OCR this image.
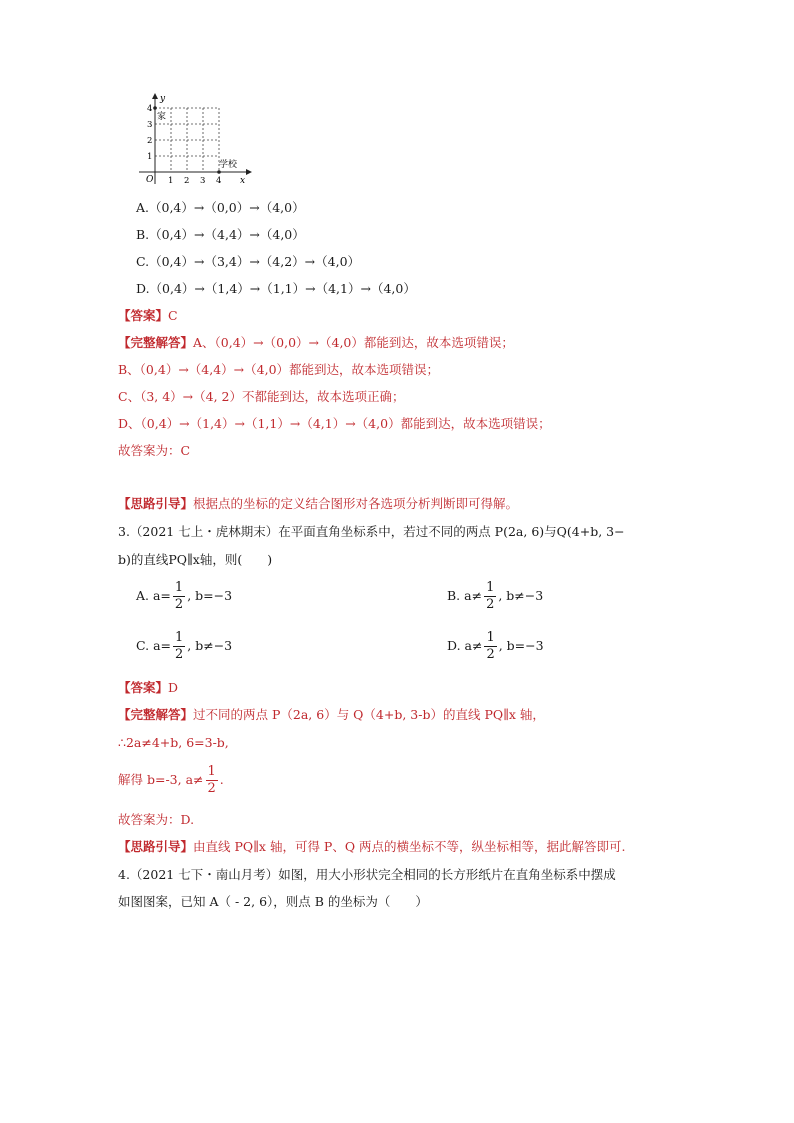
y
x
O 1 2 3 4
1
2
3
4
家
学校
A.（0,4）→（0,0）→（4,0）
B.（0,4）→（4,4）→（4,0）
C.（0,4）→（3,4）→（4,2）→（4,0）
D.（0,4）→（1,4）→（1,1）→（4,1）→（4,0）
【答案】C
【完整解答】A、（0,4）→（0,0）→（4,0）都能到达，故本选项错误；
B、（0,4）→（4,4）→（4,0）都能到达，故本选项错误；
C、（3, 4）→（4, 2）不都能到达，故本选项正确；
D、（0,4）→（1,4）→（1,1）→（4,1）→（4,0）都能到达，故本选项错误；
故答案为：C
【思路引导】根据点的坐标的定义结合图形对各选项分析判断即可得解。
3.（2021 七上・虎林期末）在平面直角坐标系中，若过不同的两点 P(2a, 6)与Q(4+b, 3−
b)的直线PQ∥x轴，则(　　)
A. $a= \frac{1}{2}$ , b=−3	B. $a\ne \frac{1}{2}$ , b≠−3
C. $a= \frac{1}{2}$ , b≠−3	D. $a\ne \frac{1}{2}$ , b=−3
【答案】D
【完整解答】过不同的两点 P（2a, 6）与 Q（4+b, 3-b）的直线 PQ∥x 轴，
∴2a≠4+b, 6=3-b,
解得 b=-3, $a\ne \frac{1}{2}$ .
故答案为：D.
【思路引导】由直线 PQ∥x 轴，可得 P、Q 两点的横坐标不等，纵坐标相等，据此解答即可.
4.（2021 七下・南山月考）如图，用大小形状完全相同的长方形纸片在直角坐标系中摆成
如图图案，已知 A（ - 2, 6），则点 B 的坐标为（　　）
